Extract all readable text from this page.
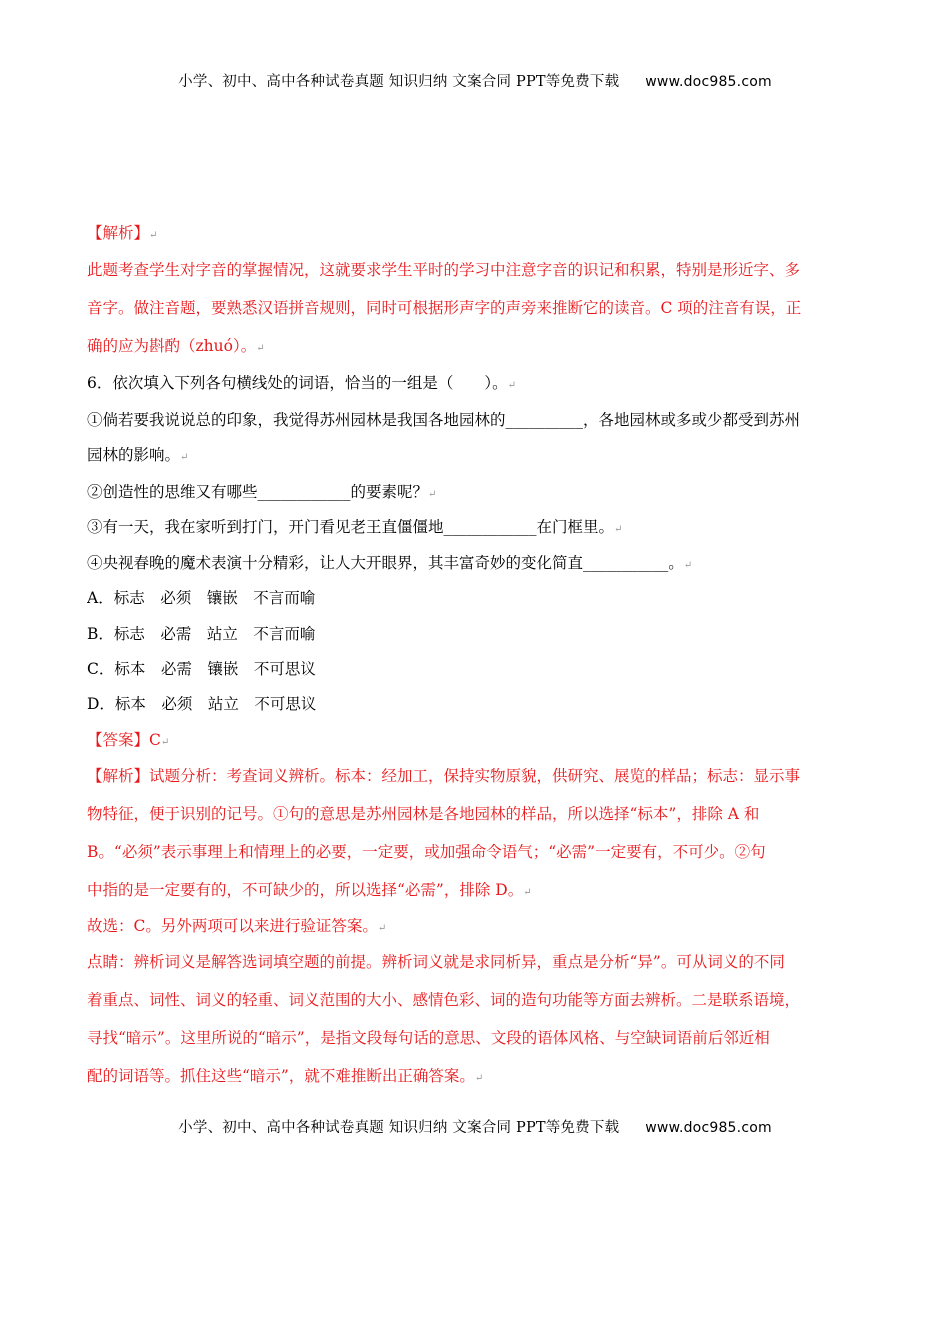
小学、初中、高中各种试卷真题 知识归纳 文案合同 PPT等免费下载 www.doc985.com
【解析】↵
此题考查学生对字音的掌握情况，这就要求学生平时的学习中注意字音的识记和积累，特别是形近字、多
音字。做注音题，要熟悉汉语拼音规则，同时可根据形声字的声旁来推断它的读音。C 项的注音有误，正
确的应为斟酌（zhuó）。↵
6．依次填入下列各句横线处的词语，恰当的一组是（　　）。↵
①倘若要我说说总的印象，我觉得苏州园林是我国各地园林的__________，各地园林或多或少都受到苏州
园林的影响。↵
②创造性的思维又有哪些____________的要素呢？↵
③有一天，我在家听到打门，开门看见老王直僵僵地____________在门框里。↵
④央视春晚的魔术表演十分精彩，让人大开眼界，其丰富奇妙的变化简直___________。↵
A．标志　必须　镶嵌　不言而喻
B．标志　必需　站立　不言而喻
C．标本　必需　镶嵌　不可思议
D．标本　必须　站立　不可思议
【答案】C↵
【解析】试题分析：考查词义辨析。标本：经加工，保持实物原貌，供研究、展览的样品；标志：显示事
物特征，便于识别的记号。①句的意思是苏州园林是各地园林的样品，所以选择“标本”，排除 A 和
B。“必须”表示事理上和情理上的必要，一定要，或加强命令语气；“必需”一定要有，不可少。②句
中指的是一定要有的，不可缺少的，所以选择“必需”，排除 D。↵
故选：C。另外两项可以来进行验证答案。↵
点睛：辨析词义是解答选词填空题的前提。辨析词义就是求同析异，重点是分析“异”。可从词义的不同
着重点、词性、词义的轻重、词义范围的大小、感情色彩、词的造句功能等方面去辨析。二是联系语境，
寻找“暗示”。这里所说的“暗示”，是指文段每句话的意思、文段的语体风格、与空缺词语前后邻近相
配的词语等。抓住这些“暗示”，就不难推断出正确答案。↵
小学、初中、高中各种试卷真题 知识归纳 文案合同 PPT等免费下载 www.doc985.com
